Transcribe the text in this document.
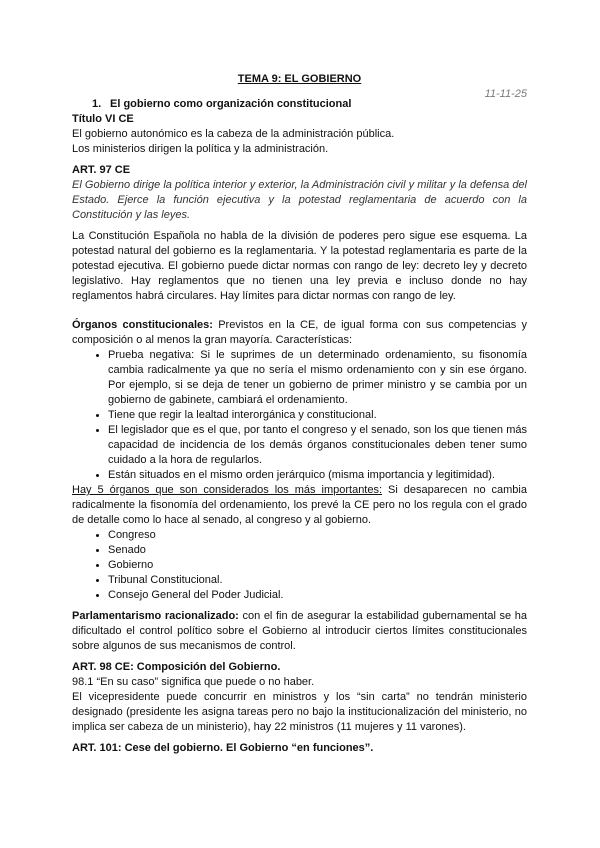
TEMA 9: EL GOBIERNO

11-11-25

1. El gobierno como organización constitucional

Título VI CE

El gobierno autonómico es la cabeza de la administración pública.

Los ministerios dirigen la política y la administración.

ART. 97 CE

El Gobierno dirige la política interior y exterior, la Administración civil y militar y la defensa del Estado. Ejerce la función ejecutiva y la potestad reglamentaria de acuerdo con la Constitución y las leyes.

La Constitución Española no habla de la división de poderes pero sigue ese esquema. La potestad natural del gobierno es la reglamentaria. Y la potestad reglamentaria es parte de la potestad ejecutiva. El gobierno puede dictar normas con rango de ley: decreto ley y decreto legislativo. Hay reglamentos que no tienen una ley previa e incluso donde no hay reglamentos habrá circulares. Hay límites para dictar normas con rango de ley.

Órganos constitucionales: Previstos en la CE, de igual forma con sus competencias y composición o al menos la gran mayoría. Características:

• Prueba negativa: Si le suprimes de un determinado ordenamiento, su fisonomía cambia radicalmente ya que no sería el mismo ordenamiento con y sin ese órgano. Por ejemplo, si se deja de tener un gobierno de primer ministro y se cambia por un gobierno de gabinete, cambiará el ordenamiento.
• Tiene que regir la lealtad interorgánica y constitucional.
• El legislador que es el que, por tanto el congreso y el senado, son los que tienen más capacidad de incidencia de los demás órganos constitucionales deben tener sumo cuidado a la hora de regularlos.
• Están situados en el mismo orden jerárquico (misma importancia y legitimidad).

Hay 5 órganos que son considerados los más importantes: Si desaparecen no cambia radicalmente la fisonomía del ordenamiento, los prevé la CE pero no los regula con el grado de detalle como lo hace al senado, al congreso y al gobierno.

• Congreso
• Senado
• Gobierno
• Tribunal Constitucional.
• Consejo General del Poder Judicial.

Parlamentarismo racionalizado: con el fin de asegurar la estabilidad gubernamental se ha dificultado el control político sobre el Gobierno al introducir ciertos límites constitucionales sobre algunos de sus mecanismos de control.

ART. 98 CE: Composición del Gobierno.

98.1 “En su caso” significa que puede o no haber.

El vicepresidente puede concurrir en ministros y los “sin carta” no tendrán ministerio designado (presidente les asigna tareas pero no bajo la institucionalización del ministerio, no implica ser cabeza de un ministerio), hay 22 ministros (11 mujeres y 11 varones).

ART. 101: Cese del gobierno. El Gobierno “en funciones”.
